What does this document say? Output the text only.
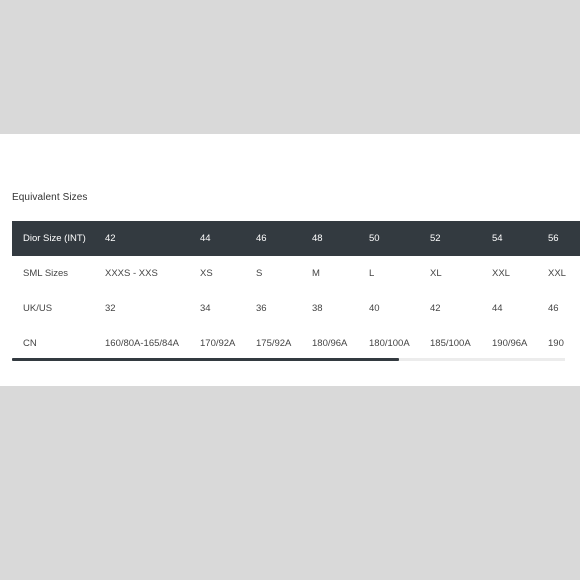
Equivalent Sizes
Dior Size (INT) 42	44	46	48	50	52	54	56
SML Sizes	XXXS - XXS	XS	S	M	L	XL	XXL	XXL
UK/US	32	34	36	38	40	42	44	46
CN	160/80A-165/84A 170/92A 175/92A 180/96A 180/100A 185/100A 190/96A 190
